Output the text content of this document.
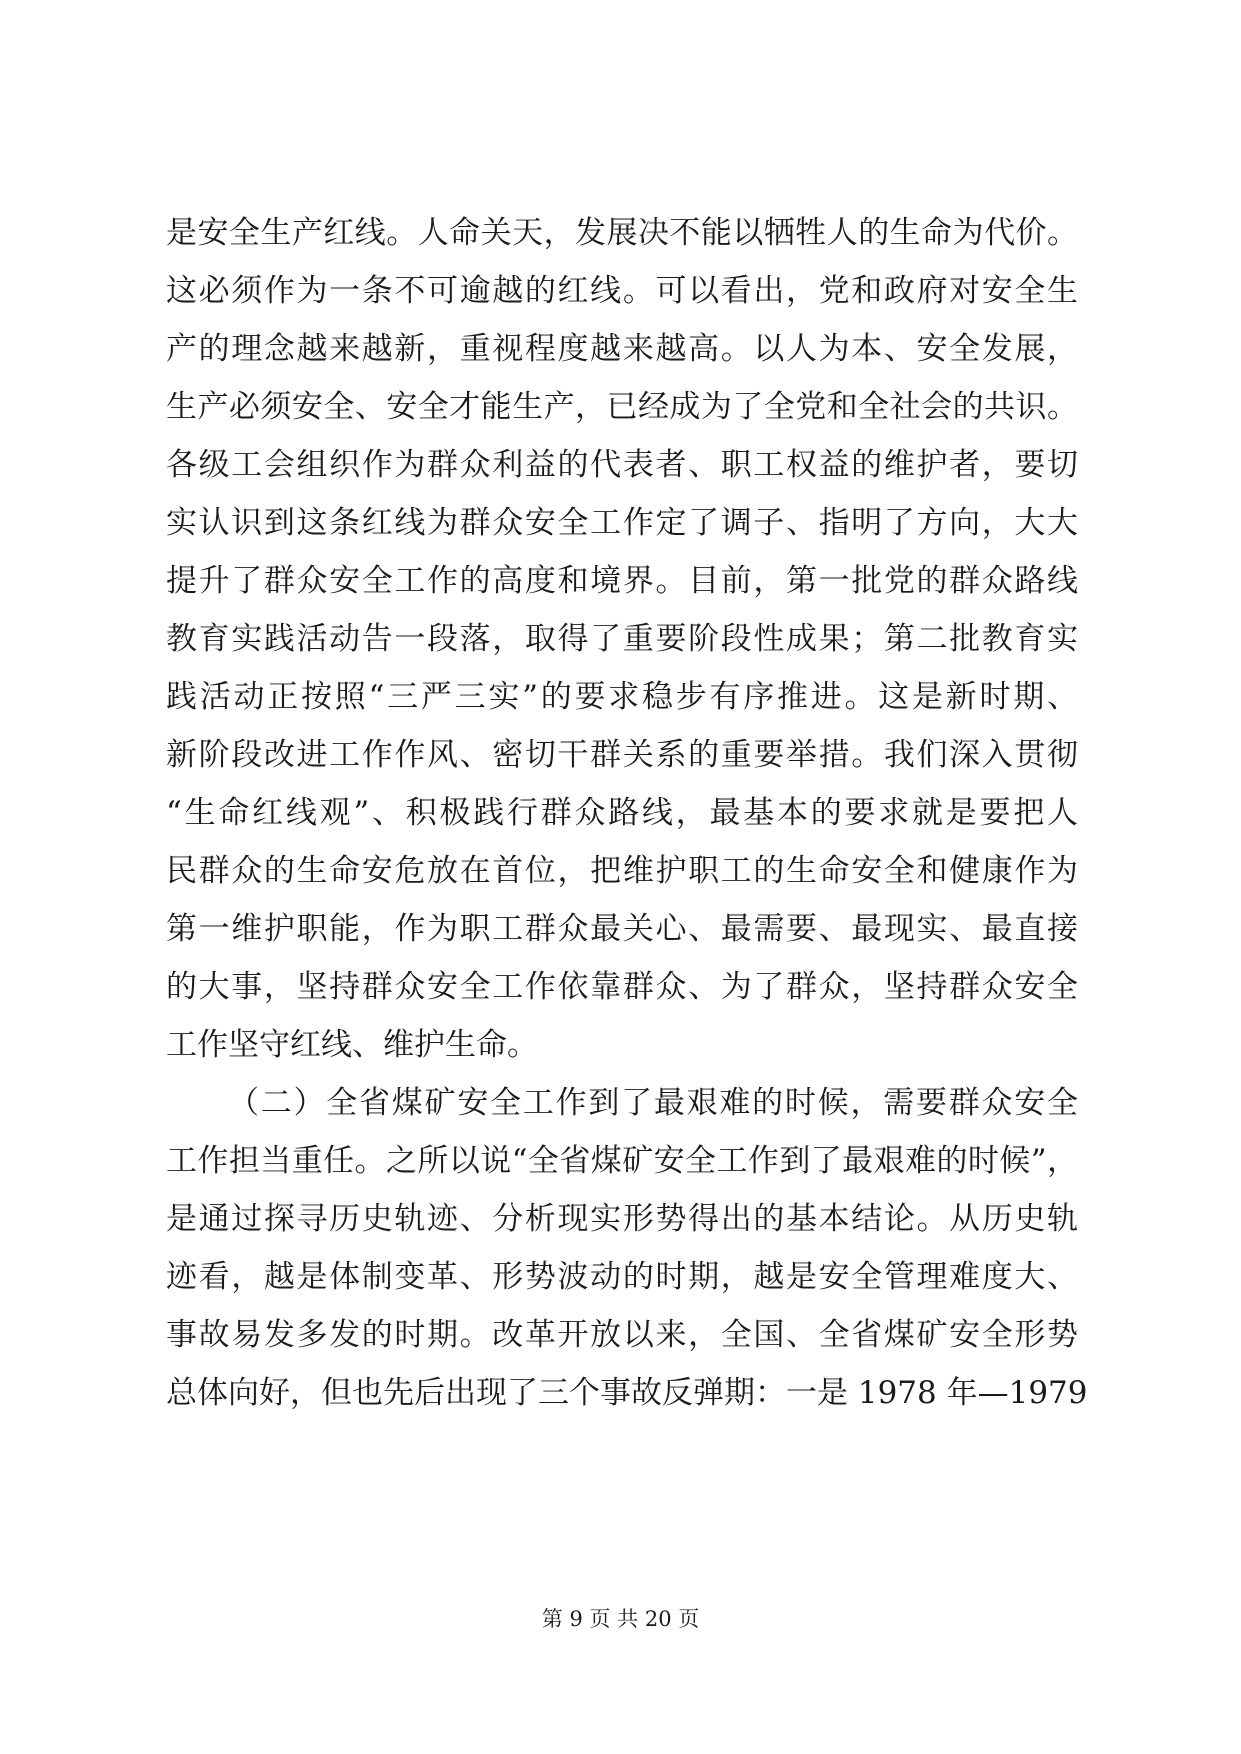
是安全生产红线。人命关天，发展决不能以牺牲人的生命为代价。
这必须作为一条不可逾越的红线。可以看出，党和政府对安全生
产的理念越来越新，重视程度越来越高。以人为本、安全发展，
生产必须安全、安全才能生产，已经成为了全党和全社会的共识。
各级工会组织作为群众利益的代表者、职工权益的维护者，要切
实认识到这条红线为群众安全工作定了调子、指明了方向，大大
提升了群众安全工作的高度和境界。目前，第一批党的群众路线
教育实践活动告一段落，取得了重要阶段性成果；第二批教育实
践活动正按照“三严三实”的要求稳步有序推进。这是新时期、
新阶段改进工作作风、密切干群关系的重要举措。我们深入贯彻
“生命红线观”、积极践行群众路线，最基本的要求就是要把人
民群众的生命安危放在首位，把维护职工的生命安全和健康作为
第一维护职能，作为职工群众最关心、最需要、最现实、最直接
的大事，坚持群众安全工作依靠群众、为了群众，坚持群众安全
工作坚守红线、维护生命。
（二）全省煤矿安全工作到了最艰难的时候，需要群众安全
工作担当重任。之所以说“全省煤矿安全工作到了最艰难的时候”，
是通过探寻历史轨迹、分析现实形势得出的基本结论。从历史轨
迹看，越是体制变革、形势波动的时期，越是安全管理难度大、
事故易发多发的时期。改革开放以来，全国、全省煤矿安全形势
总体向好，但也先后出现了三个事故反弹期：一是 1978 年—1979
第 9 页 共 20 页
